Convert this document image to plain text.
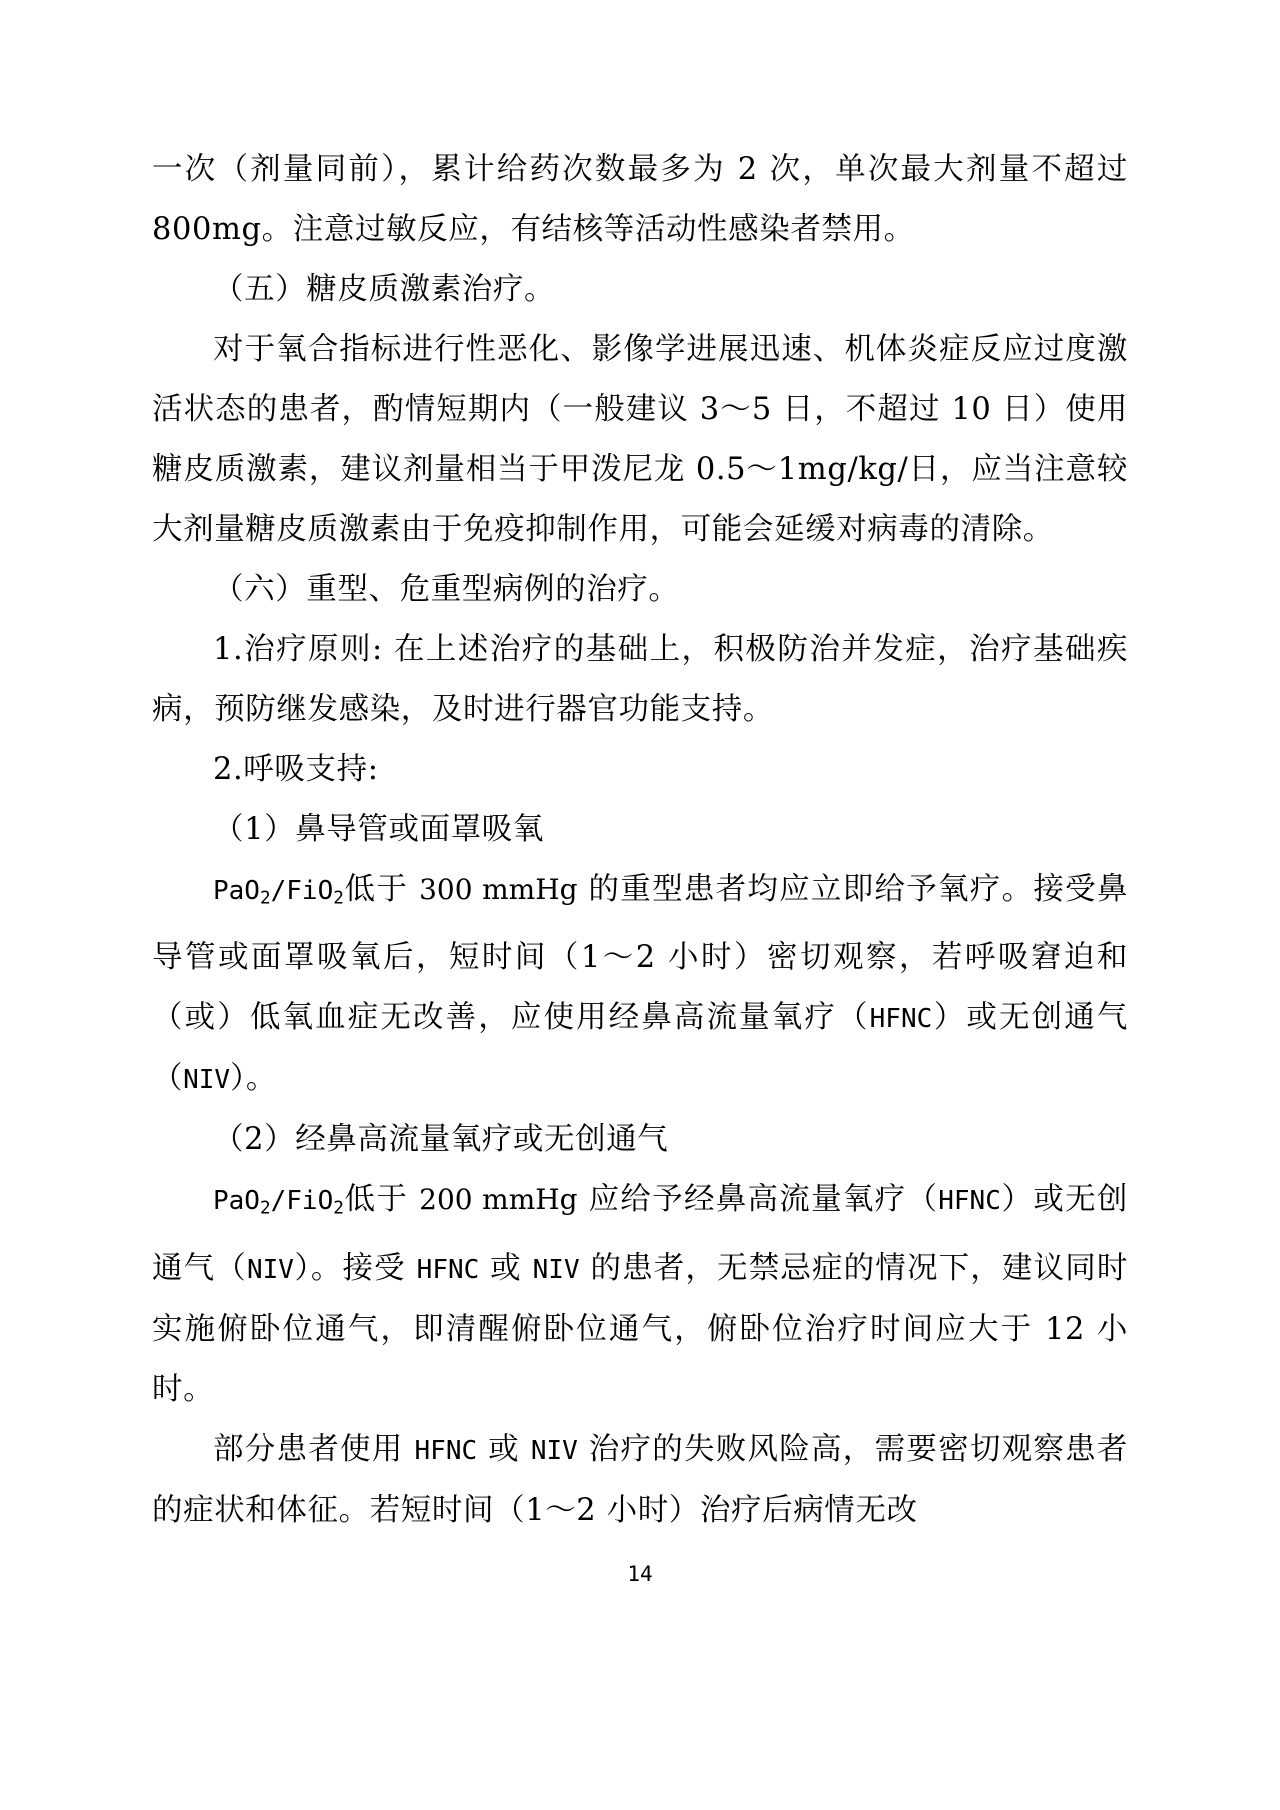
一次（剂量同前），累计给药次数最多为 2 次，单次最大剂量不超过 800mg。注意过敏反应，有结核等活动性感染者禁用。

（五）糖皮质激素治疗。

对于氧合指标进行性恶化、影像学进展迅速、机体炎症反应过度激活状态的患者，酌情短期内（一般建议 3～5 日，不超过 10 日）使用糖皮质激素，建议剂量相当于甲泼尼龙 0.5～1mg/kg/日，应当注意较大剂量糖皮质激素由于免疫抑制作用，可能会延缓对病毒的清除。

（六）重型、危重型病例的治疗。

1.治疗原则: 在上述治疗的基础上，积极防治并发症，治疗基础疾病，预防继发感染，及时进行器官功能支持。

2.呼吸支持:

（1）鼻导管或面罩吸氧

PaO$_2$/FiO$_2$低于 300 mmHg 的重型患者均应立即给予氧疗。接受鼻导管或面罩吸氧后，短时间（1～2 小时）密切观察，若呼吸窘迫和（或）低氧血症无改善，应使用经鼻高流量氧疗（HFNC）或无创通气（NIV）。

（2）经鼻高流量氧疗或无创通气

PaO$_2$/FiO$_2$低于 200 mmHg 应给予经鼻高流量氧疗（HFNC）或无创通气（NIV）。接受 HFNC 或 NIV 的患者，无禁忌症的情况下，建议同时实施俯卧位通气，即清醒俯卧位通气，俯卧位治疗时间应大于 12 小时。

部分患者使用 HFNC 或 NIV 治疗的失败风险高，需要密切观察患者的症状和体征。若短时间（1～2 小时）治疗后病情无改

14
